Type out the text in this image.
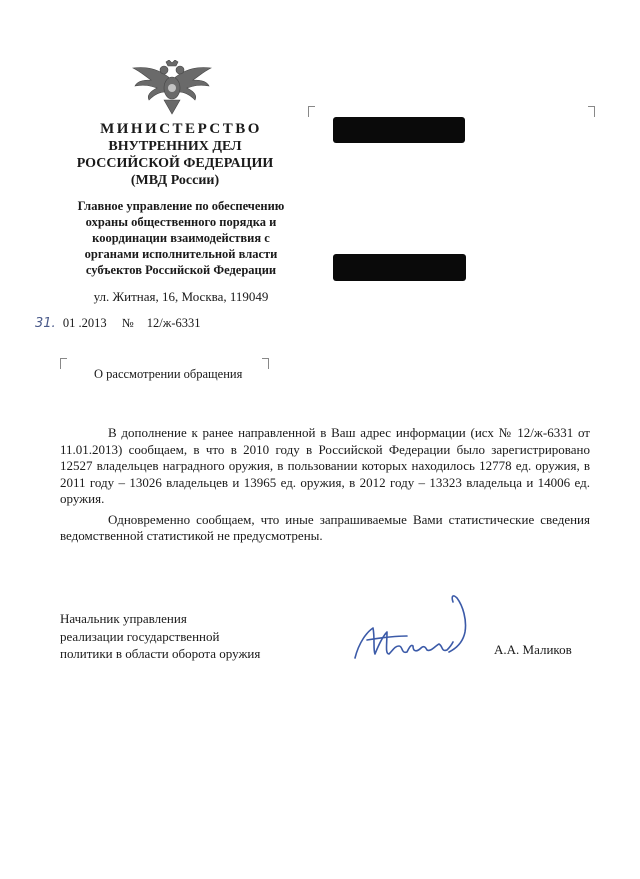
МИНИСТЕРСТВО
ВНУТРЕННИХ ДЕЛ
РОССИЙСКОЙ ФЕДЕРАЦИИ
(МВД России)
Главное управление по обеспечению
охраны общественного порядка и
координации взаимодействия с
органами исполнительной власти
субъектов Российской Федерации
ул. Житная, 16, Москва, 119049
31. 01 .2013 № 12/ж-6331
О рассмотрении обращения

В дополнение к ранее направленной в Ваш адрес информации (исх № 12/ж-6331 от 11.01.2013) сообщаем, в что в 2010 году в Российской Федерации было зарегистрировано 12527 владельцев наградного оружия, в пользовании которых находилось 12778 ед. оружия, в 2011 году – 13026 владельцев и 13965 ед. оружия, в 2012 году – 13323 владельца и 14006 ед. оружия.

Одновременно сообщаем, что иные запрашиваемые Вами статистические сведения ведомственной статистикой не предусмотрены.

Начальник управления
реализации государственной
политики в области оборота оружия	А.А. Маликов
